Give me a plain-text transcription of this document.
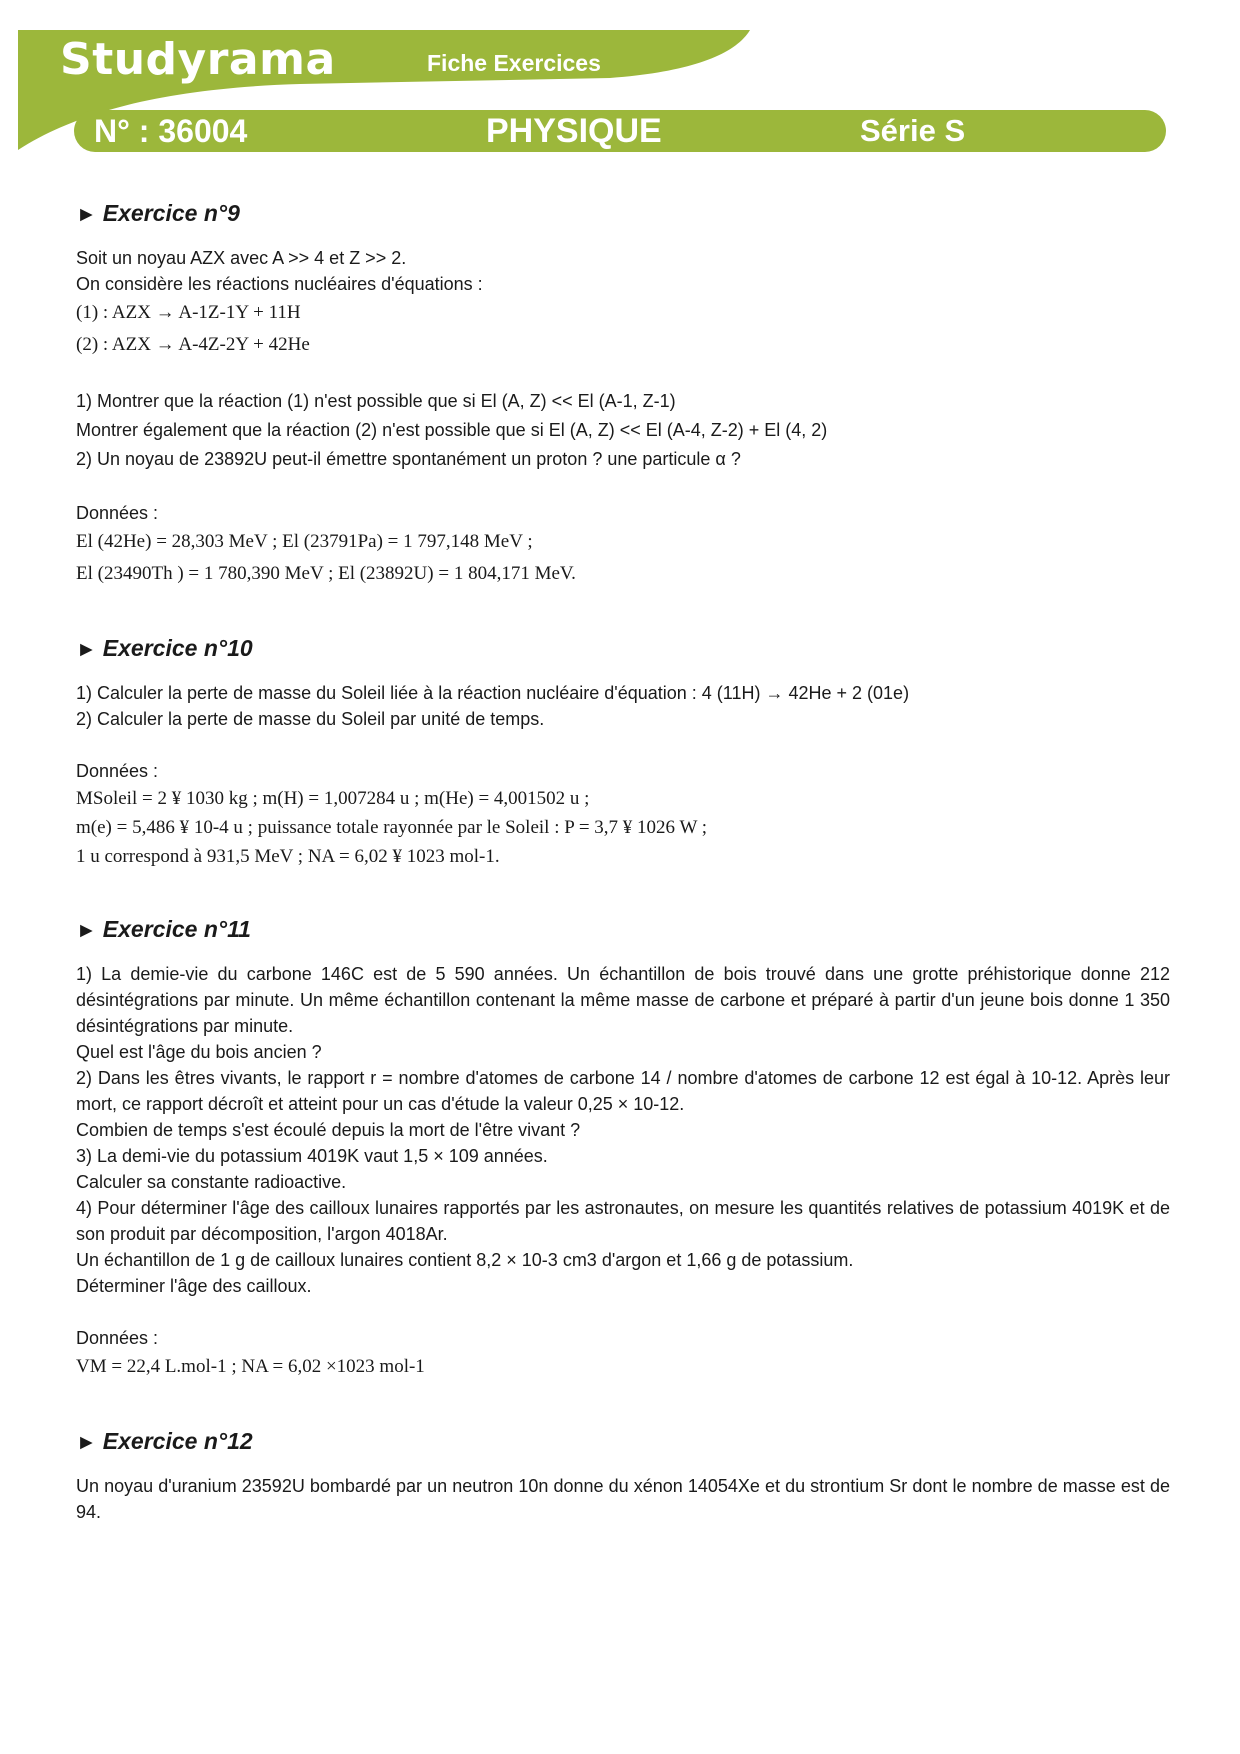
Studyrama	Fiche Exercices
N° : 36004	PHYSIQUE	Série S
► Exercice n°9

Soit un noyau AZX avec A >> 4 et Z >> 2.

On considère les réactions nucléaires d'équations :

(1) : AZX → A-1Z-1Y + 11H

(2) : AZX → A-4Z-2Y + 42He

1) Montrer que la réaction (1) n'est possible que si El (A, Z) << El (A-1, Z-1)

Montrer également que la réaction (2) n'est possible que si El (A, Z) << El (A-4, Z-2) + El (4, 2)

2) Un noyau de 23892U peut-il émettre spontanément un proton ? une particule α ?

Données :

El (42He) = 28,303 MeV ; El (23791Pa) = 1 797,148 MeV ;

El (23490Th ) = 1 780,390 MeV ; El (23892U) = 1 804,171 MeV.

► Exercice n°10

1) Calculer la perte de masse du Soleil liée à la réaction nucléaire d'équation : 4 (11H) → 42He + 2 (01e)

2) Calculer la perte de masse du Soleil par unité de temps.

Données :

MSoleil = 2 ¥ 1030 kg ; m(H) = 1,007284 u ; m(He) = 4,001502 u ;

m(e) = 5,486 ¥ 10-4 u ; puissance totale rayonnée par le Soleil : P = 3,7 ¥ 1026 W ;

1 u correspond à 931,5 MeV ; NA = 6,02 ¥ 1023 mol-1.

► Exercice n°11

1) La demie-vie du carbone 146C est de 5 590 années. Un échantillon de bois trouvé dans une grotte préhistorique donne 212 désintégrations par minute. Un même échantillon contenant la même masse de carbone et préparé à partir d'un jeune bois donne 1 350 désintégrations par minute.

Quel est l'âge du bois ancien ?

2) Dans les êtres vivants, le rapport r = nombre d'atomes de carbone 14 / nombre d'atomes de carbone 12 est égal à 10-12. Après leur mort, ce rapport décroît et atteint pour un cas d'étude la valeur 0,25 × 10-12.

Combien de temps s'est écoulé depuis la mort de l'être vivant ?

3) La demi-vie du potassium 4019K vaut 1,5 × 109 années.

Calculer sa constante radioactive.

4) Pour déterminer l'âge des cailloux lunaires rapportés par les astronautes, on mesure les quantités relatives de potassium 4019K et de son produit par décomposition, l'argon 4018Ar.

Un échantillon de 1 g de cailloux lunaires contient 8,2 × 10-3 cm3 d'argon et 1,66 g de potassium.

Déterminer l'âge des cailloux.

Données :

VM = 22,4 L.mol-1 ; NA = 6,02 ×1023 mol-1

► Exercice n°12

Un noyau d'uranium 23592U bombardé par un neutron 10n donne du xénon 14054Xe et du strontium Sr dont le nombre de masse est de 94.
